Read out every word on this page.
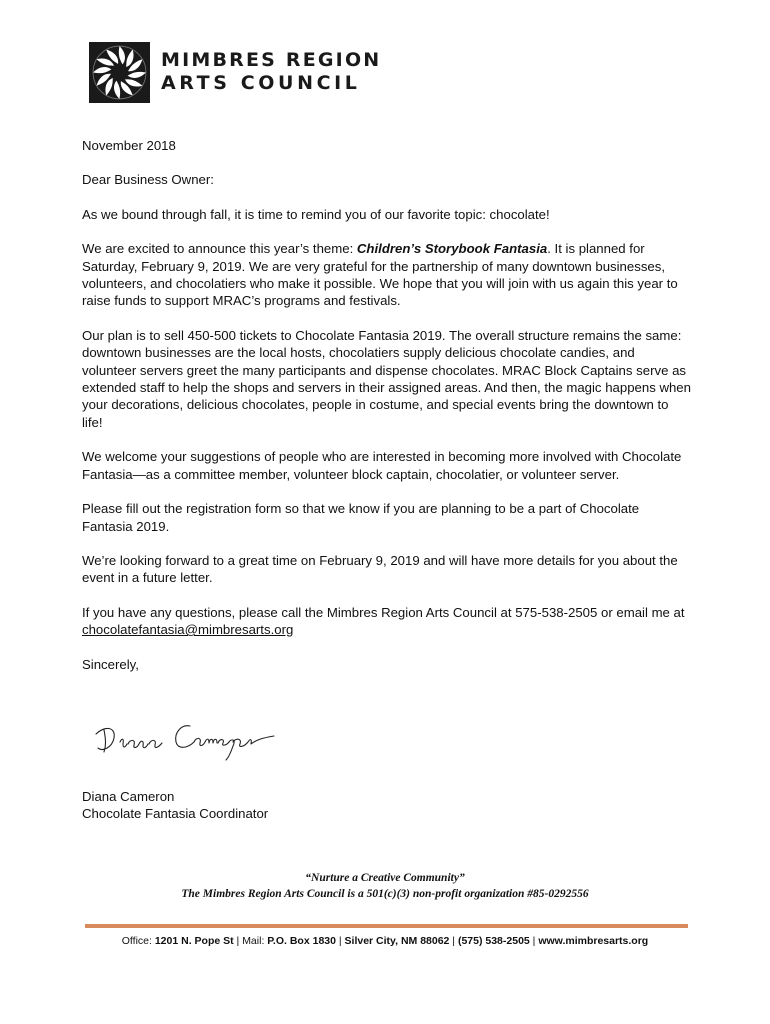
MIMBRES REGION
ARTS COUNCIL

November 2018

Dear Business Owner:

As we bound through fall, it is time to remind you of our favorite topic: chocolate!

We are excited to announce this year’s theme: Children’s Storybook Fantasia. It is planned for Saturday, February 9, 2019. We are very grateful for the partnership of many downtown businesses, volunteers, and chocolatiers who make it possible. We hope that you will join with us again this year to raise funds to support MRAC’s programs and festivals.

Our plan is to sell 450-500 tickets to Chocolate Fantasia 2019. The overall structure remains the same: downtown businesses are the local hosts, chocolatiers supply delicious chocolate candies, and volunteer servers greet the many participants and dispense chocolates. MRAC Block Captains serve as extended staff to help the shops and servers in their assigned areas. And then, the magic happens when your decorations, delicious chocolates, people in costume, and special events bring the downtown to life!

We welcome your suggestions of people who are interested in becoming more involved with Chocolate Fantasia—as a committee member, volunteer block captain, chocolatier, or volunteer server.

Please fill out the registration form so that we know if you are planning to be a part of Chocolate Fantasia 2019.

We’re looking forward to a great time on February 9, 2019 and will have more details for you about the event in a future letter.

If you have any questions, please call the Mimbres Region Arts Council at 575-538-2505 or email me at chocolatefantasia@mimbresarts.org

Sincerely,

Diana Cameron
Chocolate Fantasia Coordinator
“Nurture a Creative Community”
The Mimbres Region Arts Council is a 501(c)(3) non-profit organization #85-0292556
Office: 1201 N. Pope St | Mail: P.O. Box 1830 | Silver City, NM 88062 | (575) 538-2505 | www.mimbresarts.org
